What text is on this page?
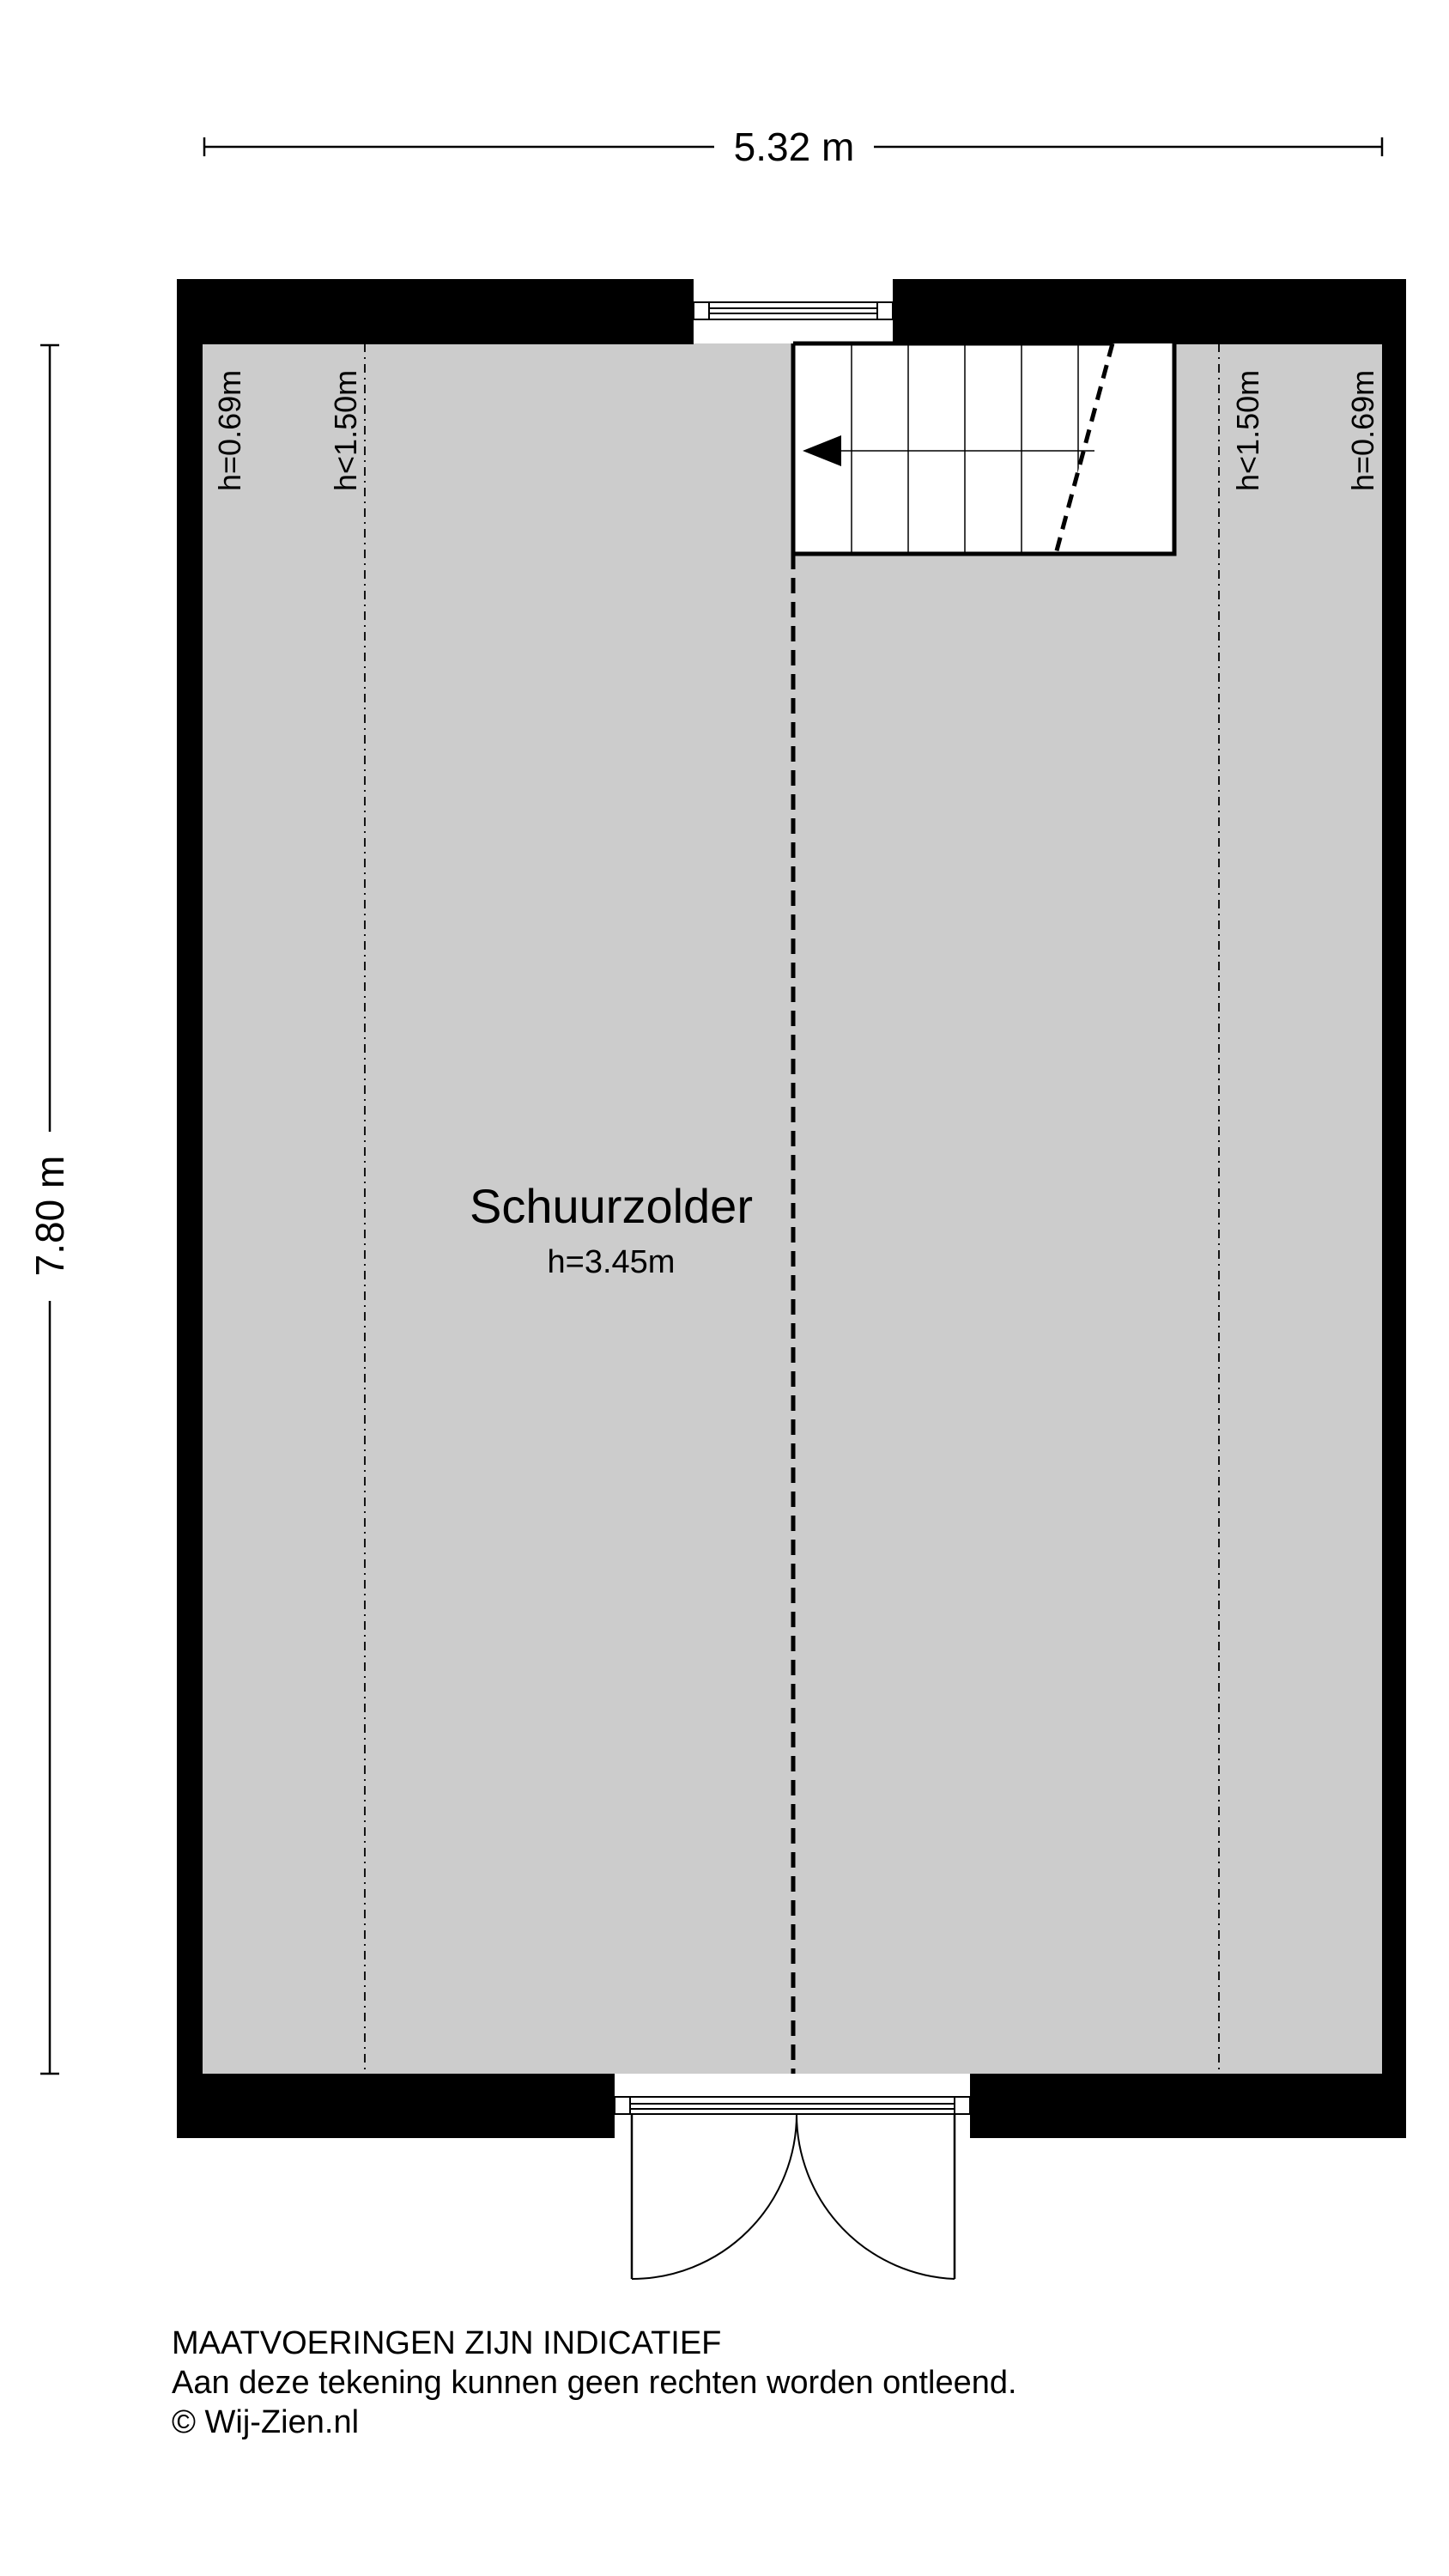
5.32 m
7.80 m
h=0.69m	h<1.50m	h<1.50m	h=0.69m
Schuurzolder
h=3.45m
MAATVOERINGEN ZIJN INDICATIEF
Aan deze tekening kunnen geen rechten worden ontleend.
© Wij-Zien.nl
